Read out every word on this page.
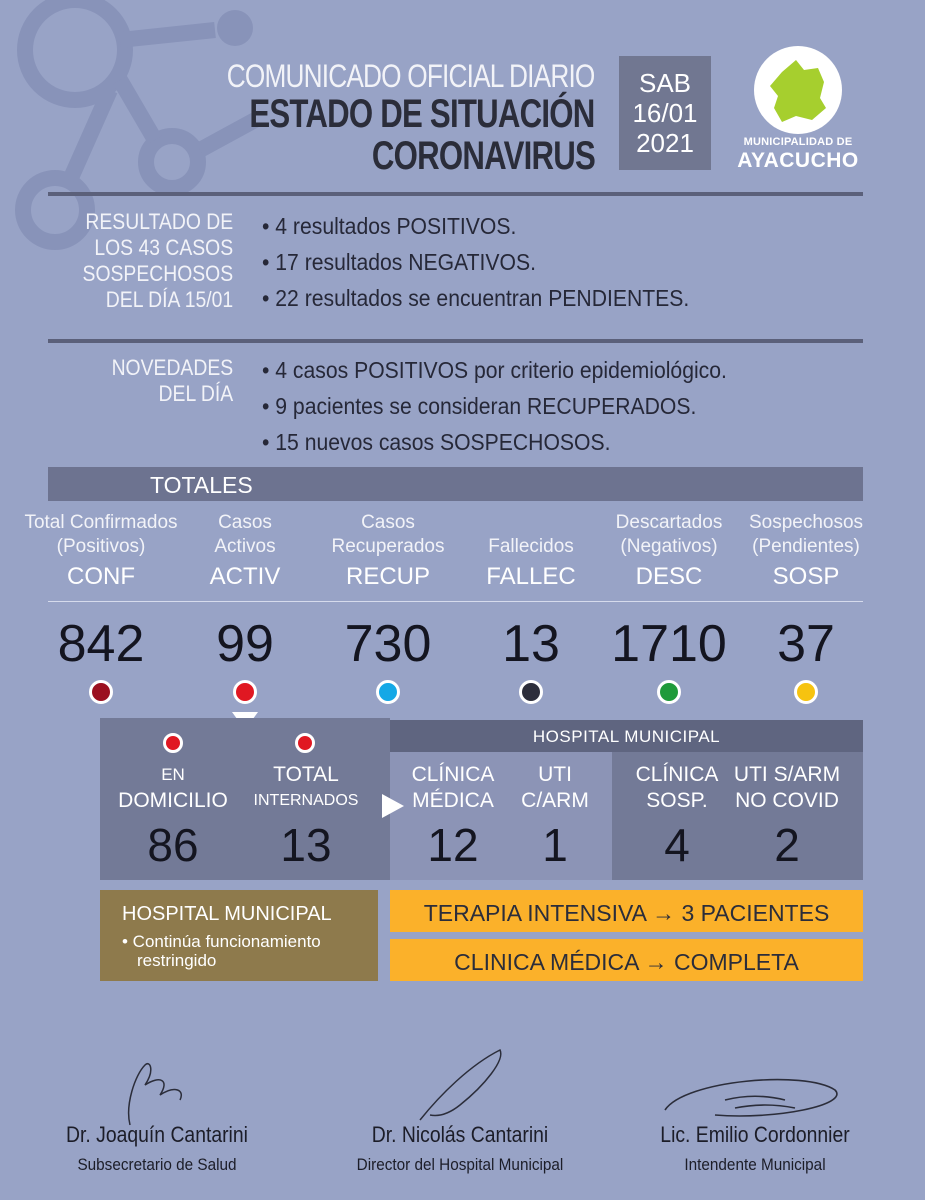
COMUNICADO OFICIAL DIARIO
ESTADO DE SITUACIÓN
CORONAVIRUS
SAB
16/01
2021	MUNICIPALIDAD DE
AYACUCHO
RESULTADO DE
LOS 43 CASOS
SOSPECHOSOS
DEL DÍA 15/01
• 4 resultados POSITIVOS.
• 17 resultados NEGATIVOS.
• 22 resultados se encuentran PENDIENTES.
NOVEDADES
DEL DÍA
• 4 casos POSITIVOS por criterio epidemiológico.
• 9 pacientes se consideran RECUPERADOS.
• 15 nuevos casos SOSPECHOSOS.
TOTALES
Total Confirmados
(Positivos)
CONF
842
Casos
Activos
ACTIV
99
Casos
Recuperados
RECUP
730

Fallecidos
FALLEC
13
Descartados
(Negativos)
DESC
1710
Sospechosos
(Pendientes)
SOSP
37
HOSPITAL MUNICIPAL
EN
DOMICILIO
86
TOTAL
INTERNADOS
13
CLÍNICA
MÉDICA
12
UTI
C/ARM
1
CLÍNICA
SOSP.
4
UTI S/ARM
NO COVID
2
HOSPITAL MUNICIPAL
• Continúa funcionamiento
restringido
TERAPIA INTENSIVA → 3 PACIENTES
CLINICA MÉDICA → COMPLETA
Dr. Joaquín Cantarini
Subsecretario de Salud
Dr. Nicolás Cantarini
Director del Hospital Municipal
Lic. Emilio Cordonnier
Intendente Municipal
